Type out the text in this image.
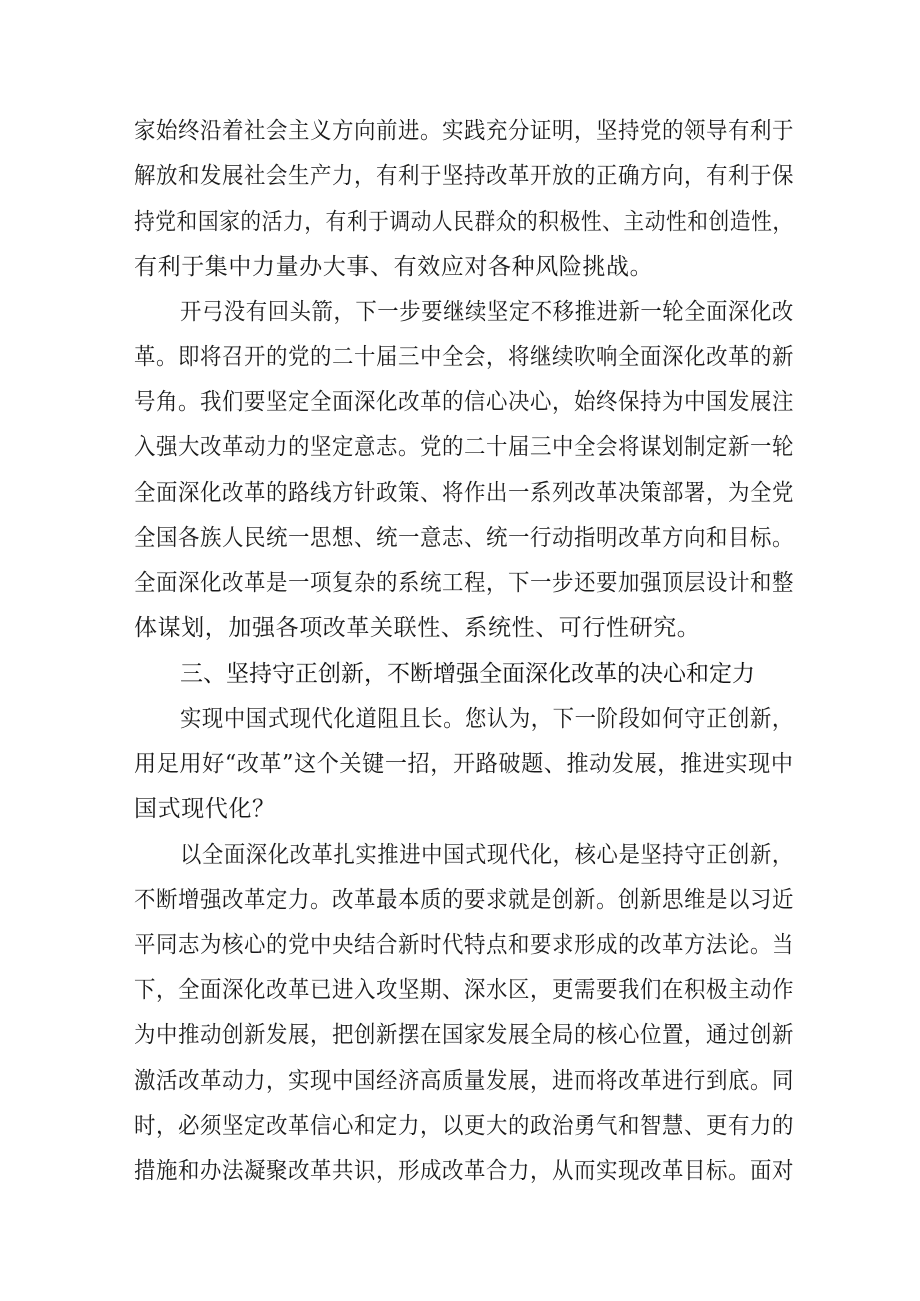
家始终沿着社会主义方向前进。实践充分证明，坚持党的领导有利于
解放和发展社会生产力，有利于坚持改革开放的正确方向，有利于保
持党和国家的活力，有利于调动人民群众的积极性、主动性和创造性，
有利于集中力量办大事、有效应对各种风险挑战。
开弓没有回头箭，下一步要继续坚定不移推进新一轮全面深化改
革。即将召开的党的二十届三中全会，将继续吹响全面深化改革的新
号角。我们要坚定全面深化改革的信心决心，始终保持为中国发展注
入强大改革动力的坚定意志。党的二十届三中全会将谋划制定新一轮
全面深化改革的路线方针政策、将作出一系列改革决策部署，为全党
全国各族人民统一思想、统一意志、统一行动指明改革方向和目标。
全面深化改革是一项复杂的系统工程，下一步还要加强顶层设计和整
体谋划，加强各项改革关联性、系统性、可行性研究。
三、坚持守正创新，不断增强全面深化改革的决心和定力
实现中国式现代化道阻且长。您认为，下一阶段如何守正创新，
用足用好“改革”这个关键一招，开路破题、推动发展，推进实现中
国式现代化？
以全面深化改革扎实推进中国式现代化，核心是坚持守正创新，
不断增强改革定力。改革最本质的要求就是创新。创新思维是以习近
平同志为核心的党中央结合新时代特点和要求形成的改革方法论。当
下，全面深化改革已进入攻坚期、深水区，更需要我们在积极主动作
为中推动创新发展，把创新摆在国家发展全局的核心位置，通过创新
激活改革动力，实现中国经济高质量发展，进而将改革进行到底。同
时，必须坚定改革信心和定力，以更大的政治勇气和智慧、更有力的
措施和办法凝聚改革共识，形成改革合力，从而实现改革目标。面对
